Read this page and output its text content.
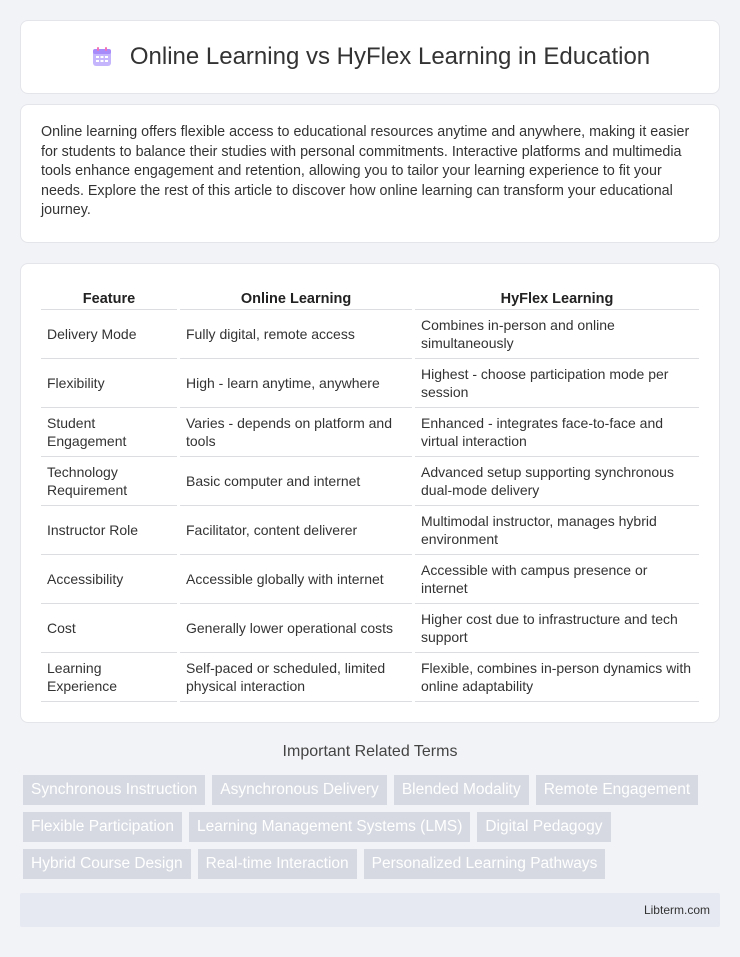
Online Learning vs HyFlex Learning in Education

Online learning offers flexible access to educational resources anytime and anywhere, making it easier for students to balance their studies with personal commitments. Interactive platforms and multimedia tools enhance engagement and retention, allowing you to tailor your learning experience to fit your needs. Explore the rest of this article to discover how online learning can transform your educational journey.

Feature	Online Learning	HyFlex Learning
Delivery Mode	Fully digital, remote access	Combines in-person and online simultaneously
Flexibility	High - learn anytime, anywhere	Highest - choose participation mode per session
Student Engagement	Varies - depends on platform and tools	Enhanced - integrates face-to-face and virtual interaction
Technology Requirement	Basic computer and internet	Advanced setup supporting synchronous dual-mode delivery
Instructor Role	Facilitator, content deliverer	Multimodal instructor, manages hybrid environment
Accessibility	Accessible globally with internet	Accessible with campus presence or internet
Cost	Generally lower operational costs	Higher cost due to infrastructure and tech support
Learning Experience	Self-paced or scheduled, limited physical interaction	Flexible, combines in-person dynamics with online adaptability
Important Related Terms
Synchronous Instruction	Asynchronous Delivery	Blended Modality	Remote Engagement
Flexible Participation	Learning Management Systems (LMS)	Digital Pedagogy
Hybrid Course Design	Real-time Interaction	Personalized Learning Pathways
Libterm.com
